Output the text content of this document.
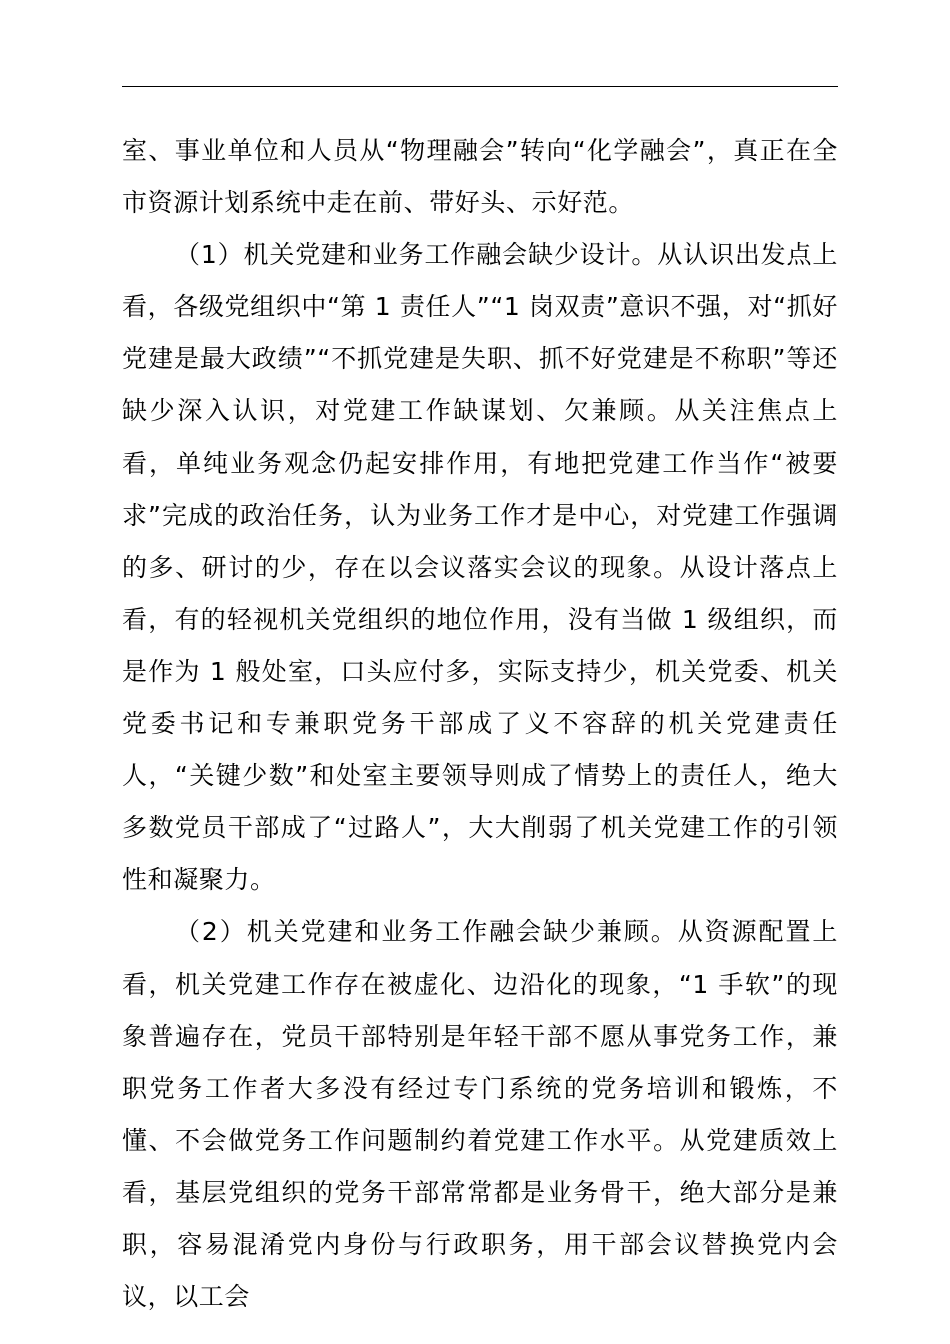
室、事业单位和人员从“物理融会”转向“化学融会”，真正在全市资源计划系统中走在前、带好头、示好范。

（1）机关党建和业务工作融会缺少设计。从认识出发点上看，各级党组织中“第 1 责任人”“1 岗双责”意识不强，对“抓好党建是最大政绩”“不抓党建是失职、抓不好党建是不称职”等还缺少深入认识，对党建工作缺谋划、欠兼顾。从关注焦点上看，单纯业务观念仍起安排作用，有地把党建工作当作“被要求”完成的政治任务，认为业务工作才是中心，对党建工作强调的多、研讨的少，存在以会议落实会议的现象。从设计落点上看，有的轻视机关党组织的地位作用，没有当做 1 级组织，而是作为 1 般处室，口头应付多，实际支持少，机关党委、机关党委书记和专兼职党务干部成了义不容辞的机关党建责任人，“关键少数”和处室主要领导则成了情势上的责任人，绝大多数党员干部成了“过路人”，大大削弱了机关党建工作的引领性和凝聚力。

（2）机关党建和业务工作融会缺少兼顾。从资源配置上看，机关党建工作存在被虚化、边沿化的现象，“1 手软”的现象普遍存在，党员干部特别是年轻干部不愿从事党务工作，兼职党务工作者大多没有经过专门系统的党务培训和锻炼，不懂、不会做党务工作问题制约着党建工作水平。从党建质效上看，基层党组织的党务干部常常都是业务骨干，绝大部分是兼职，容易混淆党内身份与行政职务，用干部会议替换党内会议，以工会
